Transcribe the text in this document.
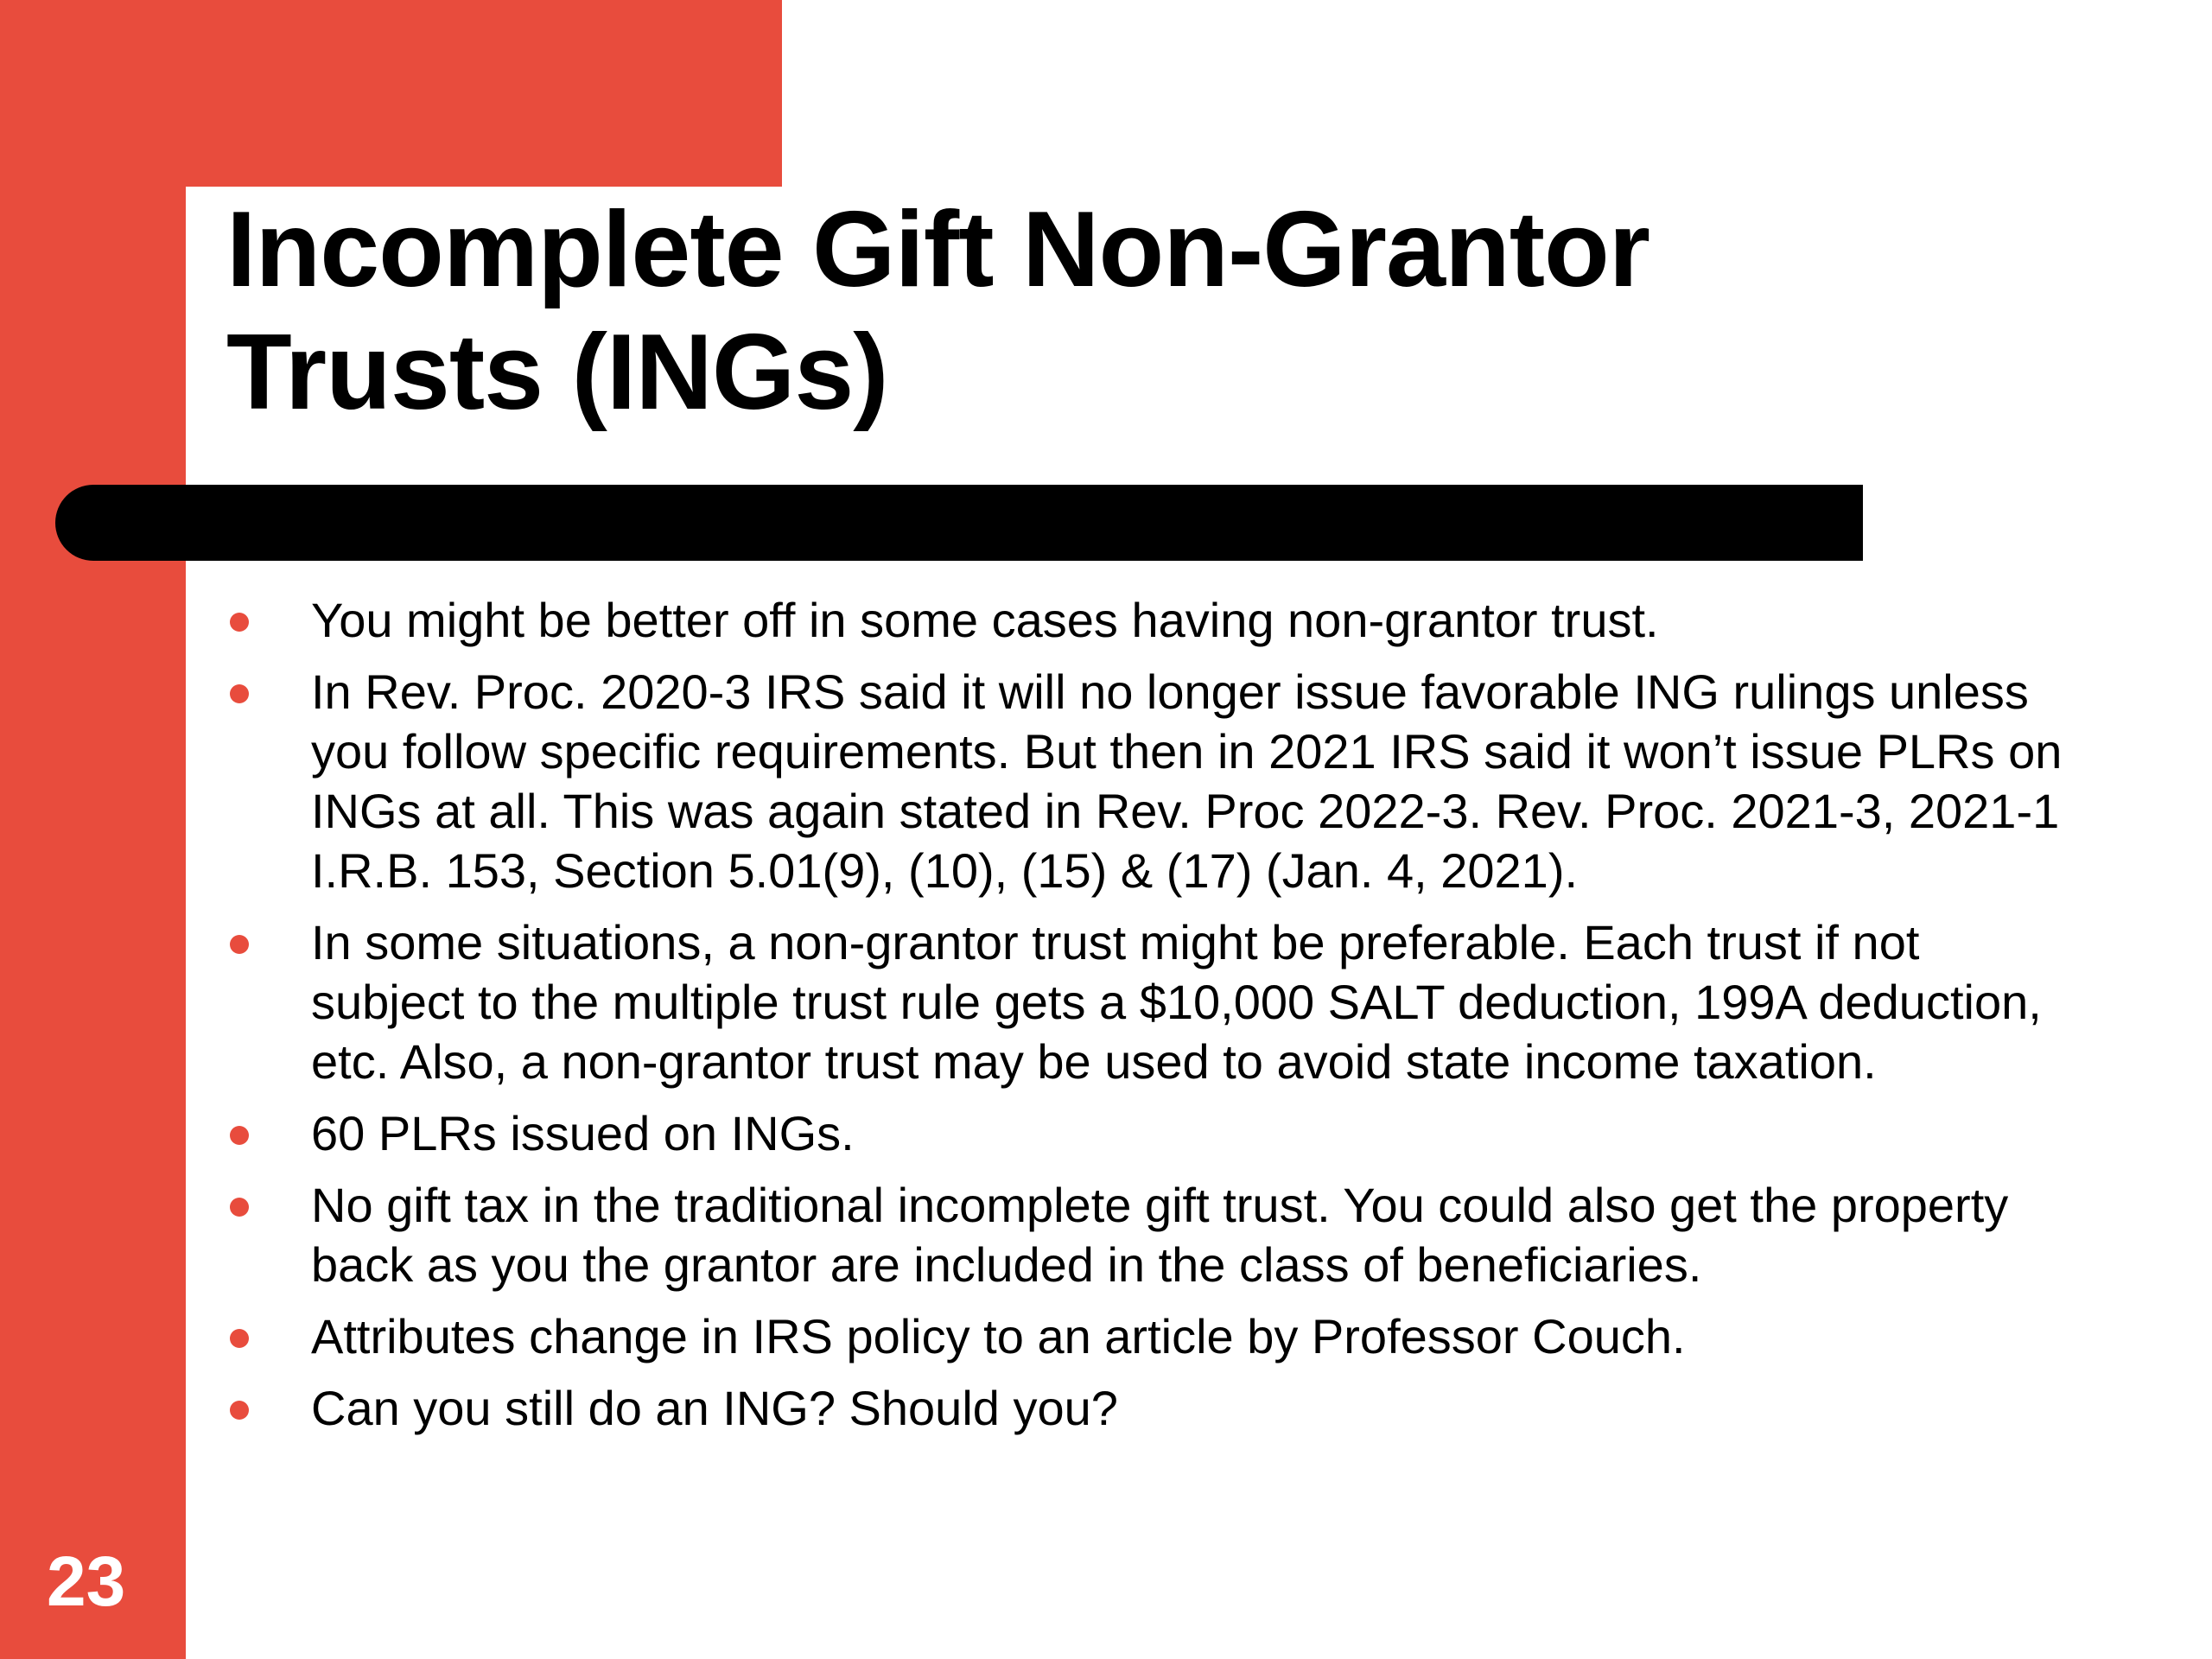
Incomplete Gift Non-Grantor
Trusts (INGs)
You might be better off in some cases having non-grantor trust.
In Rev. Proc. 2020-3 IRS said it will no longer issue favorable ING rulings unless you follow specific requirements. But then in 2021 IRS said it won’t issue PLRs on INGs at all. This was again stated in Rev. Proc 2022-3. Rev. Proc. 2021-3, 2021-1 I.R.B. 153, Section 5.01(9), (10), (15) & (17) (Jan. 4, 2021).
In some situations, a non-grantor trust might be preferable. Each trust if not subject to the multiple trust rule gets a $10,000 SALT deduction, 199A deduction, etc. Also, a non-grantor trust may be used to avoid state income taxation.
60 PLRs issued on INGs.
No gift tax in the traditional incomplete gift trust. You could also get the property back as you the grantor are included in the class of beneficiaries.
Attributes change in IRS policy to an article by Professor Couch.
Can you still do an ING? Should you?
23
